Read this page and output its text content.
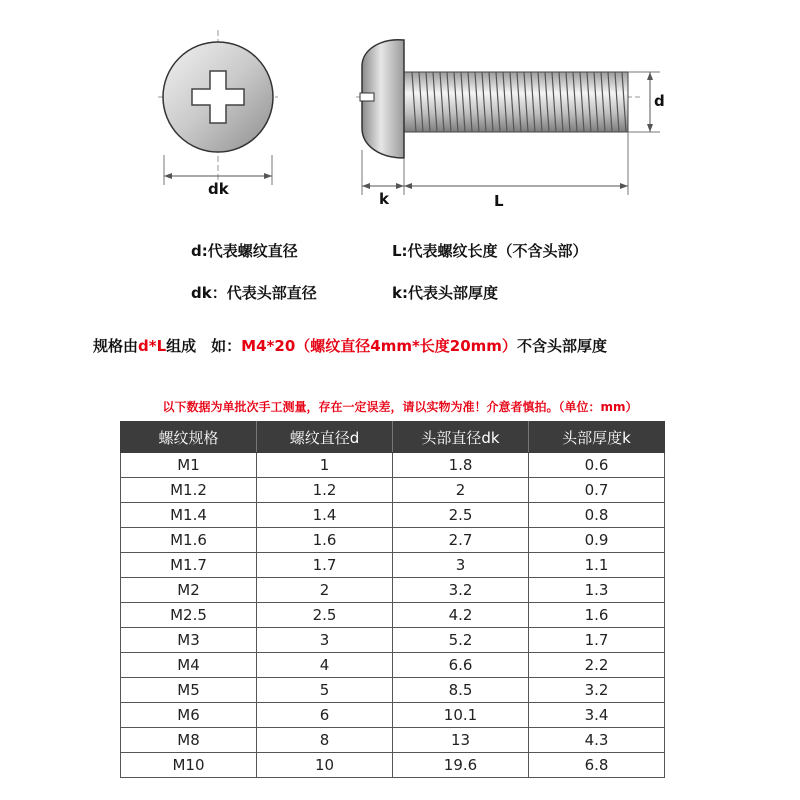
dk
k	L
d
d:代表螺纹直径	L:代表螺纹长度（不含头部）
dk：代表头部直径	k:代表头部厚度
规格由d*L组成　如：M4*20（螺纹直径4mm*长度20mm）不含头部厚度
以下数据为单批次手工测量，存在一定误差，请以实物为准！介意者慎拍。（单位：mm）
螺纹规格	螺纹直径d	头部直径dk	头部厚度k
M1	1	1.8	0.6
M1.2	1.2	2	0.7
M1.4	1.4	2.5	0.8
M1.6	1.6	2.7	0.9
M1.7	1.7	3	1.1
M2	2	3.2	1.3
M2.5	2.5	4.2	1.6
M3	3	5.2	1.7
M4	4	6.6	2.2
M5	5	8.5	3.2
M6	6	10.1	3.4
M8	8	13	4.3
M10	10	19.6	6.8
